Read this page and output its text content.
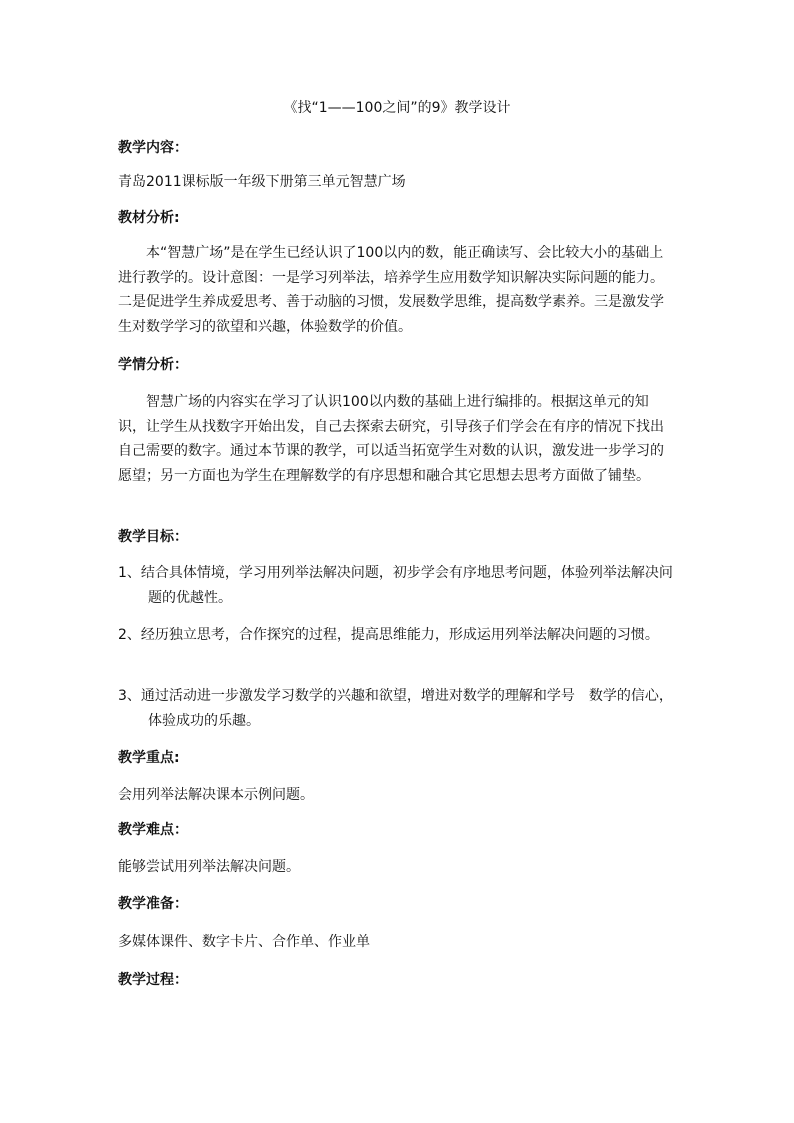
《找“1——100之间”的9》教学设计
教学内容：
青岛2011课标版一年级下册第三单元智慧广场
教材分析:
本“智慧广场”是在学生已经认识了100以内的数，能正确读写、会比较大小的基础上进行教学的。设计意图：一是学习列举法，培养学生应用数学知识解决实际问题的能力。二是促进学生养成爱思考、善于动脑的习惯，发展数学思维，提高数学素养。三是激发学生对数学学习的欲望和兴趣，体验数学的价值。
学情分析：
智慧广场的内容实在学习了认识100以内数的基础上进行编排的。根据这单元的知识，让学生从找数字开始出发，自己去探索去研究，引导孩子们学会在有序的情况下找出自己需要的数字。通过本节课的教学，可以适当拓宽学生对数的认识，激发进一步学习的愿望；另一方面也为学生在理解数学的有序思想和融合其它思想去思考方面做了铺垫。
教学目标：
1、结合具体情境，学习用列举法解决问题，初步学会有序地思考问题，体验列举法解决问题的优越性。
2、经历独立思考，合作探究的过程，提高思维能力，形成运用列举法解决问题的习惯。
3、通过活动进一步激发学习数学的兴趣和欲望，增进对数学的理解和学号　数学的信心，体验成功的乐趣。
教学重点:
会用列举法解决课本示例问题。
教学难点：
能够尝试用列举法解决问题。
教学准备：
多媒体课件、数字卡片、合作单、作业单
教学过程：
